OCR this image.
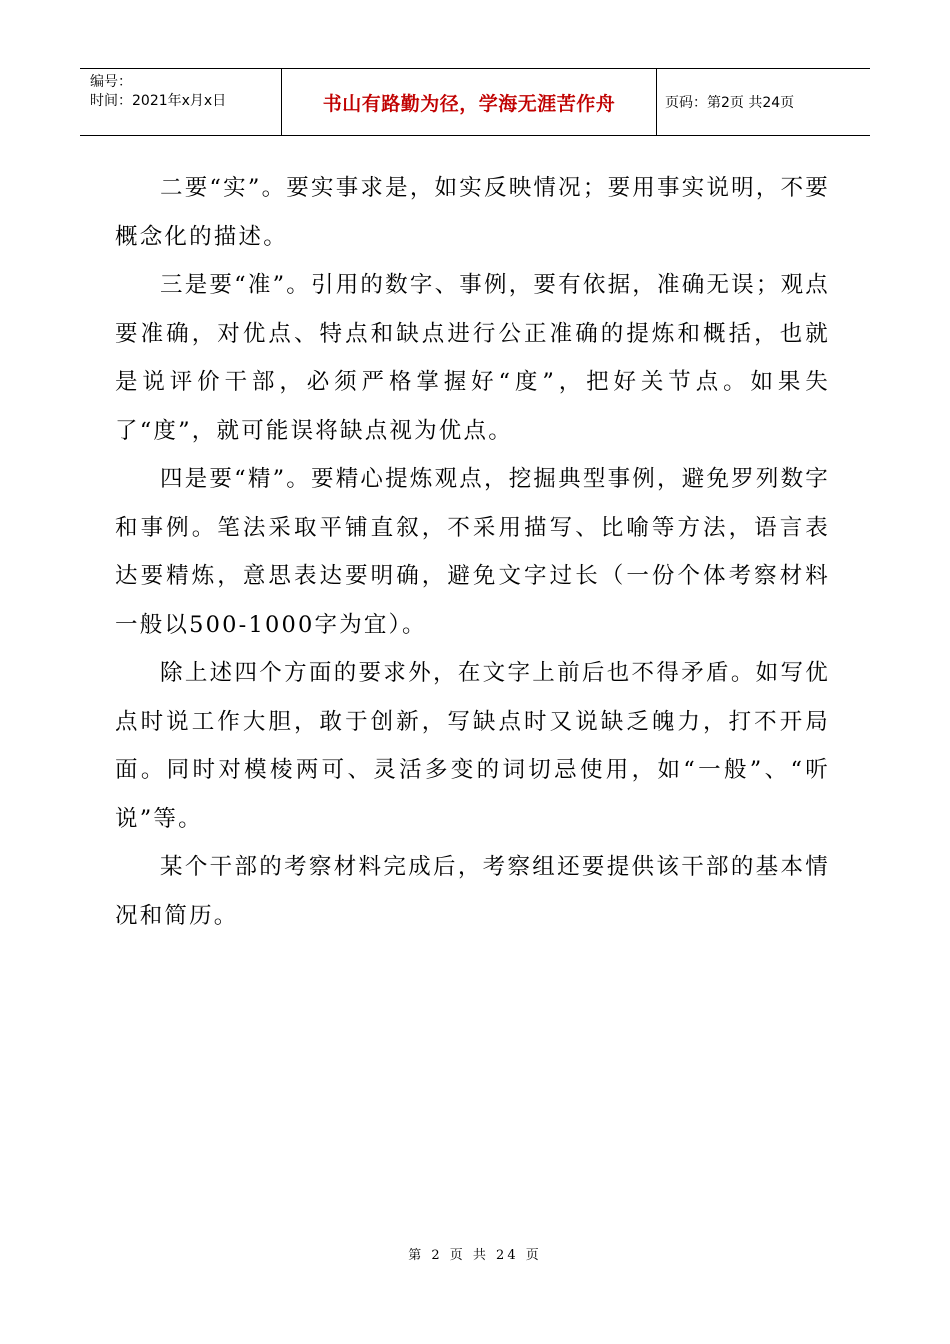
编号：
时间：2021年x月x日	书山有路勤为径，学海无涯苦作舟	页码：第2页 共24页

二要“实”。要实事求是，如实反映情况；要用事实说明，不要概念化的描述。

三是要“准”。引用的数字、事例，要有依据，准确无误；观点要准确，对优点、特点和缺点进行公正准确的提炼和概括，也就是说评价干部，必须严格掌握好“度”，把好关节点。如果失了“度”，就可能误将缺点视为优点。

四是要“精”。要精心提炼观点，挖掘典型事例，避免罗列数字和事例。笔法采取平铺直叙，不采用描写、比喻等方法，语言表达要精炼，意思表达要明确，避免文字过长（一份个体考察材料一般以500-1000字为宜）。

除上述四个方面的要求外，在文字上前后也不得矛盾。如写优点时说工作大胆，敢于创新，写缺点时又说缺乏魄力，打不开局面。同时对模棱两可、灵活多变的词切忌使用，如“一般”、“听说”等。

某个干部的考察材料完成后，考察组还要提供该干部的基本情况和简历。

第 2 页 共 24 页
